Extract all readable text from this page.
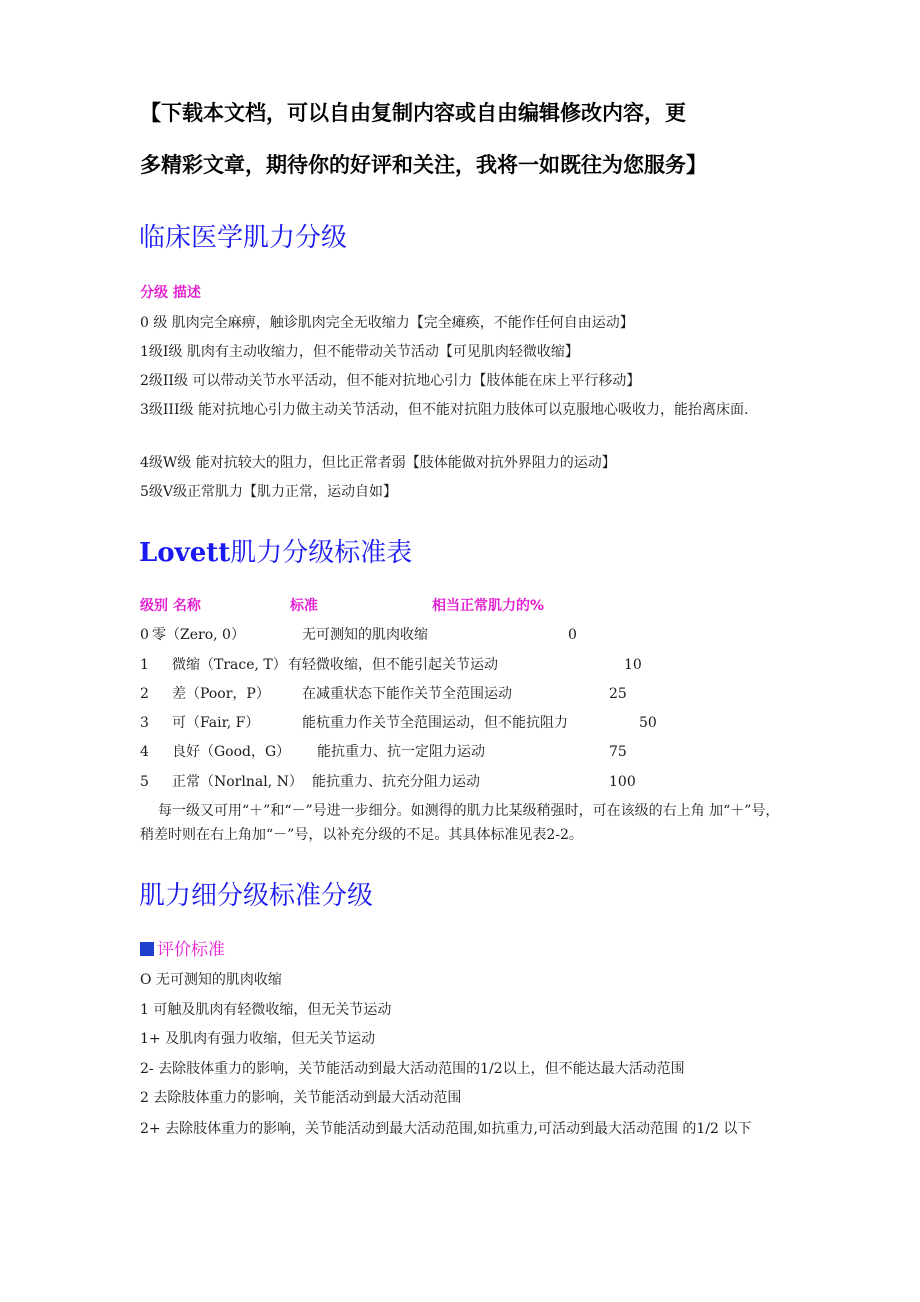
【下载本文档，可以自由复制内容或自由编辑修改内容，更
多精彩文章，期待你的好评和关注，我将一如既往为您服务】
临床医学肌力分级
分级 描述
0 级 肌肉完全麻痹，触诊肌肉完全无收缩力【完全瘫痪，不能作任何自由运动】
1级I级 肌肉有主动收缩力，但不能带动关节活动【可见肌肉轻微收缩】
2级II级 可以带动关节水平活动，但不能对抗地心引力【肢体能在床上平行移动】
3级III级 能对抗地心引力做主动关节活动，但不能对抗阻力肢体可以克服地心吸收力，能抬离床面.
4级W级 能对抗较大的阻力，但比正常者弱【肢体能做对抗外界阻力的运动】
5级V级正常肌力【肌力正常，运动自如】
Lovett肌力分级标准表
级别 名称	标准	相当正常肌力的%
0 零（Zero, 0）	无可测知的肌肉收缩	0
1 微缩（Trace, T） 有轻微收缩，但不能引起关节运动	10
2 差（Poor，P） 在减重状态下能作关节全范围运动	25
3 可（Fair, F）	能杭重力作关节全范围运动，但不能抗阻力	50
4 良好（Good，G） 能抗重力、抗一定阻力运动	75
5 正常（Norlnal, N） 能抗重力、抗充分阻力运动	100
每一级又可用“＋”和“－”号进一步细分。如测得的肌力比某级稍强时，可在该级的右上角 加“＋”号，稍差时则在右上角加“－”号，以补充分级的不足。其具体标准见表2-2。
肌力细分级标准分级
评价标准
O 无可测知的肌肉收缩
1 可触及肌肉有轻微收缩，但无关节运动
1+ 及肌肉有强力收缩，但无关节运动
2- 去除肢体重力的影响，关节能活动到最大活动范围的1/2以上，但不能达最大活动范围
2 去除肢体重力的影响，关节能活动到最大活动范围
2+ 去除肢体重力的影响，关节能活动到最大活动范围,如抗重力,可活动到最大活动范围 的1/2 以下
